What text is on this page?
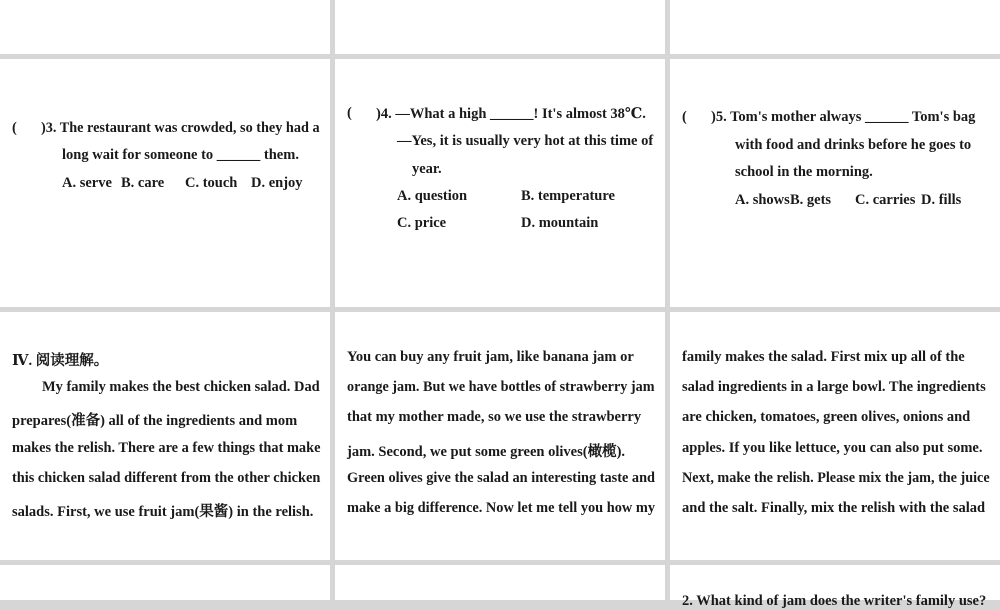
( )3. The restaurant was crowded, so they had a
long wait for someone to ______ them.
A. serve B. care C. touch D. enjoy
( )4. —What a high ______! It's almost 38℃.
—Yes, it is usually very hot at this time of
year.
A. question	B. temperature
C. price	D. mountain
( )5. Tom's mother always ______ Tom's bag
with food and drinks before he goes to
school in the morning.
A. shows B. gets C. carries D. fills
Ⅳ. 阅读理解。
My family makes the best chicken salad. Dad
prepares(准备) all of the ingredients and mom
makes the relish. There are a few things that make
this chicken salad different from the other chicken
salads. First, we use fruit jam(果酱) in the relish.
You can buy any fruit jam, like banana jam or
orange jam. But we have bottles of strawberry jam
that my mother made, so we use the strawberry
jam. Second, we put some green olives(橄榄).
Green olives give the salad an interesting taste and
make a big difference. Now let me tell you how my
family makes the salad. First mix up all of the
salad ingredients in a large bowl. The ingredients
are chicken, tomatoes, green olives, onions and
apples. If you like lettuce, you can also put some.
Next, make the relish. Please mix the jam, the juice
and the salt. Finally, mix the relish with the salad
2. What kind of jam does the writer's family use?
